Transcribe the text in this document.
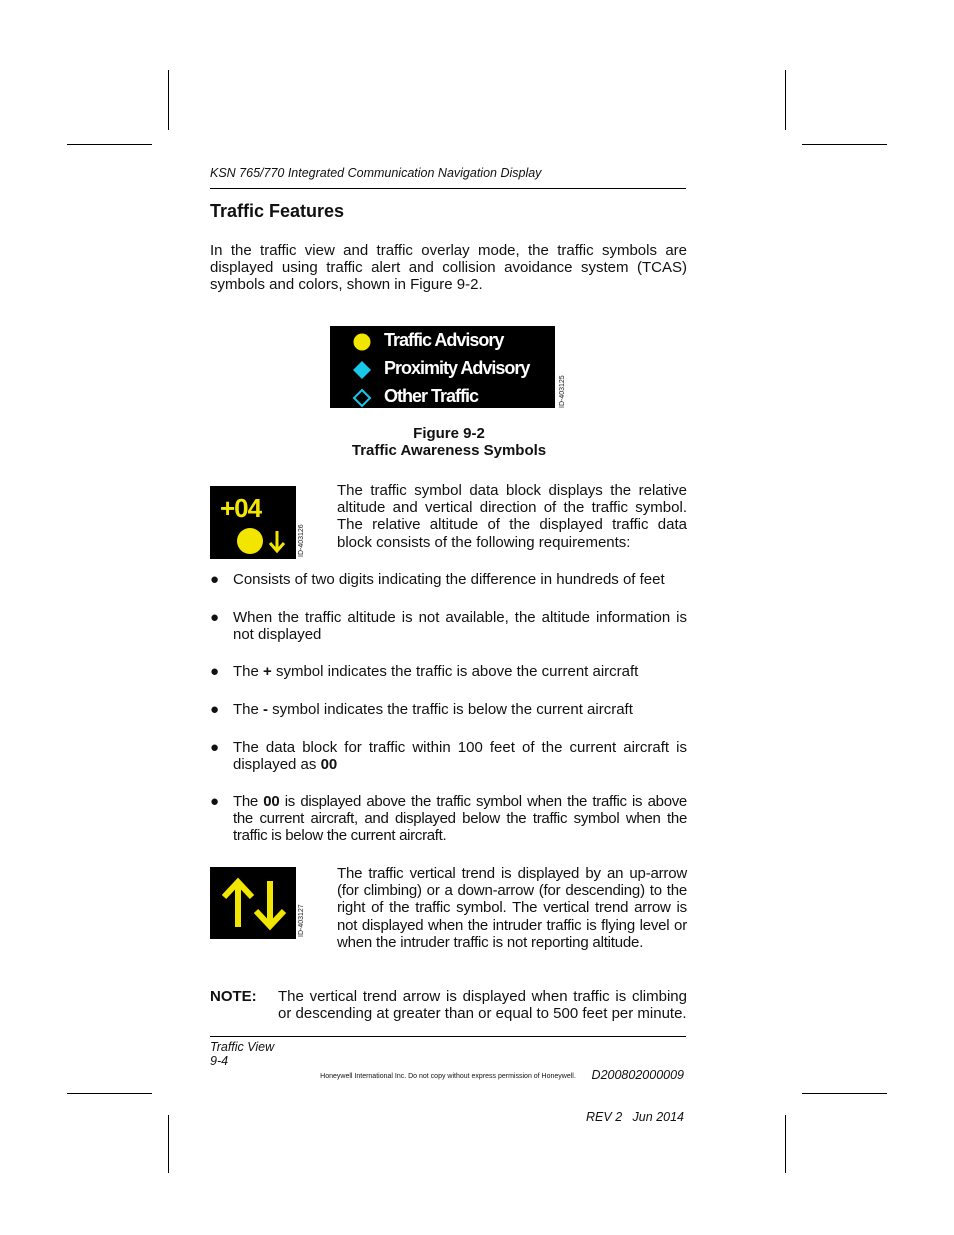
KSN 765/770 Integrated Communication Navigation Display
Traffic Features
In the traffic view and traffic overlay mode, the traffic symbols are displayed using traffic alert and collision avoidance system (TCAS) symbols and colors, shown in Figure 9-2.
Traffic Advisory
Proximity Advisory
Other Traffic	ID-403125
Figure 9-2
Traffic Awareness Symbols
+04
ID-403126
The traffic symbol data block displays the relative altitude and vertical direction of the traffic symbol. The relative altitude of the displayed traffic data block consists of the following requirements:
● Consists of two digits indicating the difference in hundreds of feet
● When the traffic altitude is not available, the altitude information is not displayed
● The + symbol indicates the traffic is above the current aircraft
● The - symbol indicates the traffic is below the current aircraft
● The data block for traffic within 100 feet of the current aircraft is displayed as 00
● The 00 is displayed above the traffic symbol when the traffic is above the current aircraft, and displayed below the traffic symbol when the traffic is below the current aircraft.
ID-403127
The traffic vertical trend is displayed by an up-arrow (for climbing) or a down-arrow (for descending) to the right of the traffic symbol. The vertical trend arrow is not displayed when the intruder traffic is flying level or when the intruder traffic is not reporting altitude.
NOTE: The vertical trend arrow is displayed when traffic is climbing or descending at greater than or equal to 500 feet per minute.
Traffic View
9-4

D200802000009

REV 2   Jun 2014

Honeywell International Inc. Do not copy without express permission of Honeywell.
